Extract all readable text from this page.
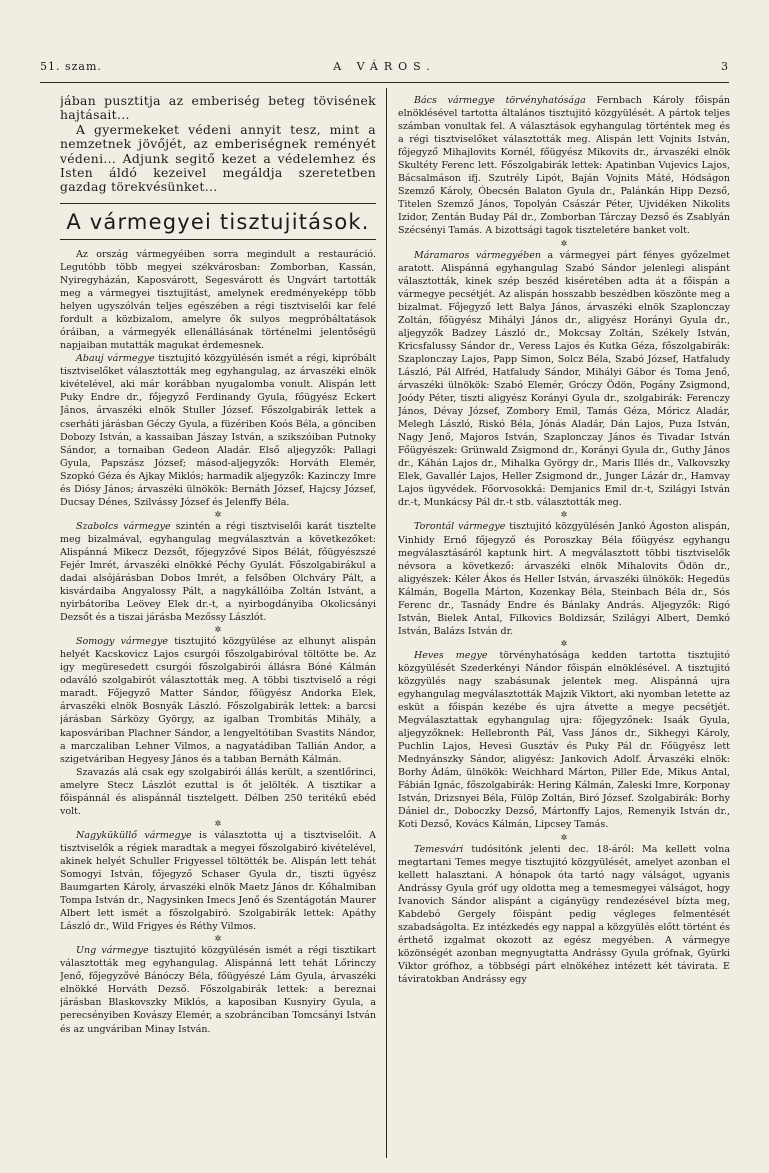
51. szam.	A VÁROS.	3

jában pusztitja az emberiség beteg tövisének hajtásait...

A gyermekeket védeni annyit tesz, mint a nemzetnek jövőjét, az emberiségnek reményét védeni... Adjunk segitő kezet a védelemhez és Isten áldó kezeivel megáldja szeretetben gazdag törekvésünket...

A vármegyei tisztujitások.

Az ország vármegyéiben sorra megindult a restauráció. Legutóbb több megyei székvárosban: Zomborban, Kassán, Nyiregyházán, Kaposvárott, Segesvárott és Ungvárt tartották meg a vármegyei tisztujitást, amelynek eredményeképp több helyen ugyszólván teljes egészében a régi tisztviselői kar felé fordult a közbizalom, amelyre ők sulyos megpróbáltatások óráiban, a vármegyék ellenállásának történelmi jelentőségü napjaiban mutatták magukat érdemesnek.

Abauj vármegye tisztujitó közgyülésén ismét a régi, kipróbált tisztviselőket választották meg egyhangulag, az árvaszéki elnök kivételével, aki már korábban nyugalomba vonult. Alispán lett Puky Endre dr., főjegyző Ferdinandy Gyula, főügyész Eckert János, árvaszéki elnök Stuller József. Főszolgabirák lettek a cserháti járásban Géczy Gyula, a füzériben Koós Béla, a gönciben Dobozy István, a kassaiban Jászay István, a szikszóiban Putnoky Sándor, a tornaiban Gedeon Aladár. Első aljegyzők: Pallagi Gyula, Papszász József; másod-aljegyzők: Horváth Elemér, Szopkó Géza és Ajkay Miklós; harmadik aljegyzők: Kazinczy Imre és Diósy János; árvaszéki ülnökök: Bernáth József, Hajcsy József, Ducsay Dénes, Szilvássy József és Jelenffy Béla.

✲

Szabolcs vármegye szintén a régi tisztviselői karát tisztelte meg bizalmával, egyhangulag megválasztván a következőket: Alispánná Mikecz Dezsőt, főjegyzővé Sipos Bélát, főügyészszé Fejér Imrét, árvaszéki elnökké Péchy Gyulát. Főszolgabirákul a dadai alsójárásban Dobos Imrét, a felsőben Olchváry Pált, a kisvárdaiba Angyalossy Pált, a nagykállóiba Zoltán Istvánt, a nyirbátoriba Leövey Elek dr.-t, a nyirbogdányiba Okolicsányi Dezsőt és a tiszai járásba Mezőssy Lászlót.

✲

Somogy vármegye tisztujitó közgyülése az elhunyt alispán helyét Kacskovicz Lajos csurgói főszolgabiróval töltötte be. Az igy megüresedett csurgói főszolgabirói állásra Bóné Kálmán odaváló szolgabirót választották meg. A többi tisztviselő a régi maradt. Főjegyző Matter Sándor, főügyész Andorka Elek, árvaszéki elnök Bosnyák László. Főszolgabirák lettek: a barcsi járásban Sárközy György, az igalban Trombitás Mihály, a kaposváriban Plachner Sándor, a lengyeltótiban Svastits Nándor, a marczaliban Lehner Vilmos, a nagyatádiban Tallián Andor, a szigetváriban Hegyesy János és a tabban Bernáth Kálmán.

Szavazás alá csak egy szolgabirói állás került, a szentlőrinci, amelyre Stecz Lászlót ezuttal is őt jelölték. A tisztikar a főispánnál és alispánnál tisztelgett. Délben 250 teritékű ebéd volt.

✲

Nagyküküllő vármegye is választotta uj a tisztviselőit. A tisztviselők a régiek maradtak a megyei főszolgabiró kivételével, akinek helyét Schuller Frigyessel töltötték be. Alispán lett tehát Somogyi István, főjegyző Schaser Gyula dr., tiszti ügyész Baumgarten Károly, árvaszéki elnök Maetz János dr. Kőhalmiban Tompa István dr., Nagysinken Imecs Jenő és Szentágotán Maurer Albert lett ismét a főszolgabiró. Szolgabirák lettek: Apáthy László dr., Wild Frigyes és Réthy Vilmos.

✲

Ung vármegye tisztujitó közgyülésén ismét a régi tisztikart választották meg egyhangulag. Alispánná lett tehát Lőrinczy Jenő, főjegyzővé Bánóczy Béla, főügyészé Lám Gyula, árvaszéki elnökké Horváth Dezső. Főszolgabirák lettek: a bereznai járásban Blaskovszky Miklós, a kaposiban Kusnyiry Gyula, a perecsényiben Kovászy Elemér, a szobránciban Tomcsányi István és az ungváriban Minay István.

Bács vármegye törvényhatósága Fernbach Károly főispán elnöklésével tartotta általános tisztujitó közgyülését. A pártok teljes számban vonultak fel. A választások egyhangulag történtek meg és a régi tisztviselőket választották meg. Alispán lett Vojnits István, főjegyző Mihajlovits Kornél, főügyész Mikovits dr., árvaszéki elnök Skultéty Ferenc lett. Főszolgabirák lettek: Apatinban Vujevics Lajos, Bácsalmáson ifj. Szutrély Lipót, Baján Vojnits Máté, Hódságon Szemző Károly, Óbecsén Balaton Gyula dr., Palánkán Hipp Dezső, Titelen Szemző János, Topolyán Császár Péter, Ujvidéken Nikolits Izidor, Zentán Buday Pál dr., Zomborban Tárczay Dezső és Zsablyán Szécsényi Tamás. A bizottsági tagok tiszteletére banket volt.

✲

Máramaros vármegyében a vármegyei párt fényes győzelmet aratott. Alispánná egyhangulag Szabó Sándor jelenlegi alispánt választották, kinek szép beszéd kiséretében adta át a főispán a vármegye pecsétjét. Az alispán hosszabb beszédben köszönte meg a bizalmat. Főjegyző lett Balya János, árvaszéki elnök Szaplonczay Zoltán, főügyész Mihályi János dr., aligyész Horányi Gyula dr., aljegyzők Badzey László dr., Mokcsay Zoltán, Székely István, Kricsfalussy Sándor dr., Veress Lajos és Kutka Géza, főszolgabirák: Szaplonczay Lajos, Papp Simon, Solcz Béla, Szabó József, Hatfaludy László, Pál Alfréd, Hatfaludy Sándor, Mihályi Gábor és Toma Jenő, árvaszéki ülnökök: Szabó Elemér, Gróczy Ödön, Pogány Zsigmond, Joódy Péter, tiszti aligyész Korányi Gyula dr., szolgabirák: Ferenczy János, Dévay József, Zombory Emil, Tamás Géza, Móricz Aladár, Melegh László, Riskó Béla, Jónás Aladár, Dán Lajos, Puza István, Nagy Jenő, Majoros István, Szaplonczay János és Tivadar István Főügyészek: Grünwald Zsigmond dr., Korányi Gyula dr., Guthy János dr., Káhán Lajos dr., Mihalka György dr., Maris Illés dr., Valkovszky Elek, Gavallér Lajos, Heller Zsigmond dr., Junger Lázár dr., Hamvay Lajos ügyvédek. Főorvosokká: Demjanics Emil dr.-t, Szilágyi István dr.-t, Munkácsy Pál dr.-t stb. választották meg.

✲

Torontál vármegye tisztujitó közgyülésén Jankó Ágoston alispán, Vinhidy Ernő főjegyző és Poroszkay Béla főügyész egyhangu megválasztásáról kaptunk hirt. A megválasztott többi tisztviselők névsora a következő: árvaszéki elnök Mihalovits Ödön dr., aligyészek: Kéler Ákos és Heller István, árvaszéki ülnökök: Hegedüs Kálmán, Bogella Márton, Kozenkay Béla, Steinbach Béla dr., Sós Ferenc dr., Tasnády Endre és Bánlaky András. Aljegyzők: Rigó István, Bielek Antal, Filkovics Boldizsár, Szilágyi Albert, Demkó István, Balázs István dr.

✲

Heves megye törvényhatósága kedden tartotta tisztujitó közgyülését Szederkényi Nándor főispán elnöklésével. A tisztujitó közgyülés nagy szabásunak jelentek meg. Alispánná ujra egyhangulag megválasztották Majzik Viktort, aki nyomban letette az esküt a főispán kezébe és ujra átvette a megye pecsétjét. Megválasztattak egyhangulag ujra: főjegyzőnek: Isaák Gyula, aljegyzőknek: Hellebronth Pál, Vass János dr., Sikhegyi Károly, Puchlin Lajos, Hevesi Gusztáv és Puky Pál dr. Főügyész lett Mednyánszky Sándor, aligyész: Jankovich Adolf. Árvaszéki elnök: Borhy Ádám, ülnökök: Weichhard Márton, Piller Ede, Mikus Antal, Fábián Ignác, főszolgabirák: Hering Kálmán, Zaleski Imre, Korponay István, Drizsnyei Béla, Fülöp Zoltán, Biró József. Szolgabirák: Borhy Dániel dr., Doboczky Dezső, Mártonffy Lajos, Remenyik István dr., Koti Dezső, Kovács Kálmán, Lipcsey Tamás.

✲

Temesvári tudósitónk jelenti dec. 18-áról: Ma kellett volna megtartani Temes megye tisztujitó közgyülését, amelyet azonban el kellett halasztani. A hónapok óta tartó nagy válságot, ugyanis Andrássy Gyula gróf ugy oldotta meg a temesmegyei válságot, hogy Ivanovich Sándor alispánt a cigányügy rendezésével bízta meg, Kabdebó Gergely főispánt pedig végleges felmentését szabadságolta. Ez intézkedés egy nappal a közgyülés előtt történt és érthető izgalmat okozott az egész megyében. A vármegye közönségét azonban megnyugtatta Andrássy Gyula grófnak, Gyürki Viktor grófhoz, a többségi párt elnökéhez intézett két távirata. E táviratokban Andrássy egy
